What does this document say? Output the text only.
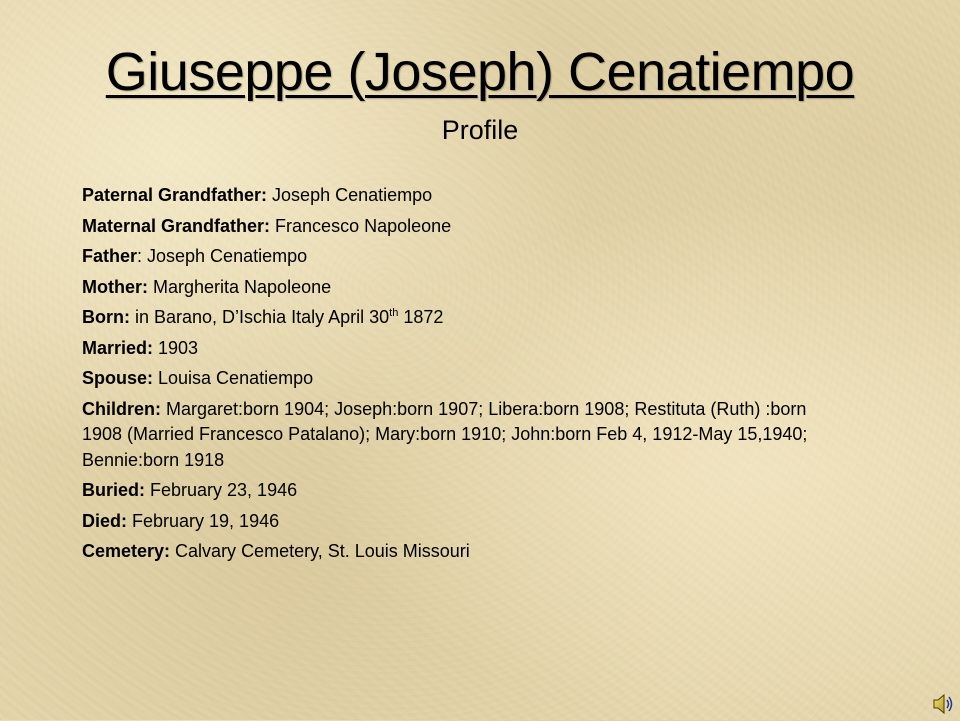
Giuseppe (Joseph) Cenatiempo
Profile
Paternal Grandfather: Joseph Cenatiempo
Maternal Grandfather: Francesco Napoleone
Father: Joseph Cenatiempo
Mother: Margherita Napoleone
Born: in Barano, D’Ischia Italy April 30th 1872
Married: 1903
Spouse: Louisa Cenatiempo
Children: Margaret:born 1904; Joseph:born 1907; Libera:born 1908; Restituta (Ruth) :born 1908 (Married Francesco Patalano); Mary:born 1910; John:born Feb 4, 1912-May 15,1940; Bennie:born 1918
Buried: February 23, 1946
Died: February 19, 1946
Cemetery: Calvary Cemetery, St. Louis Missouri
